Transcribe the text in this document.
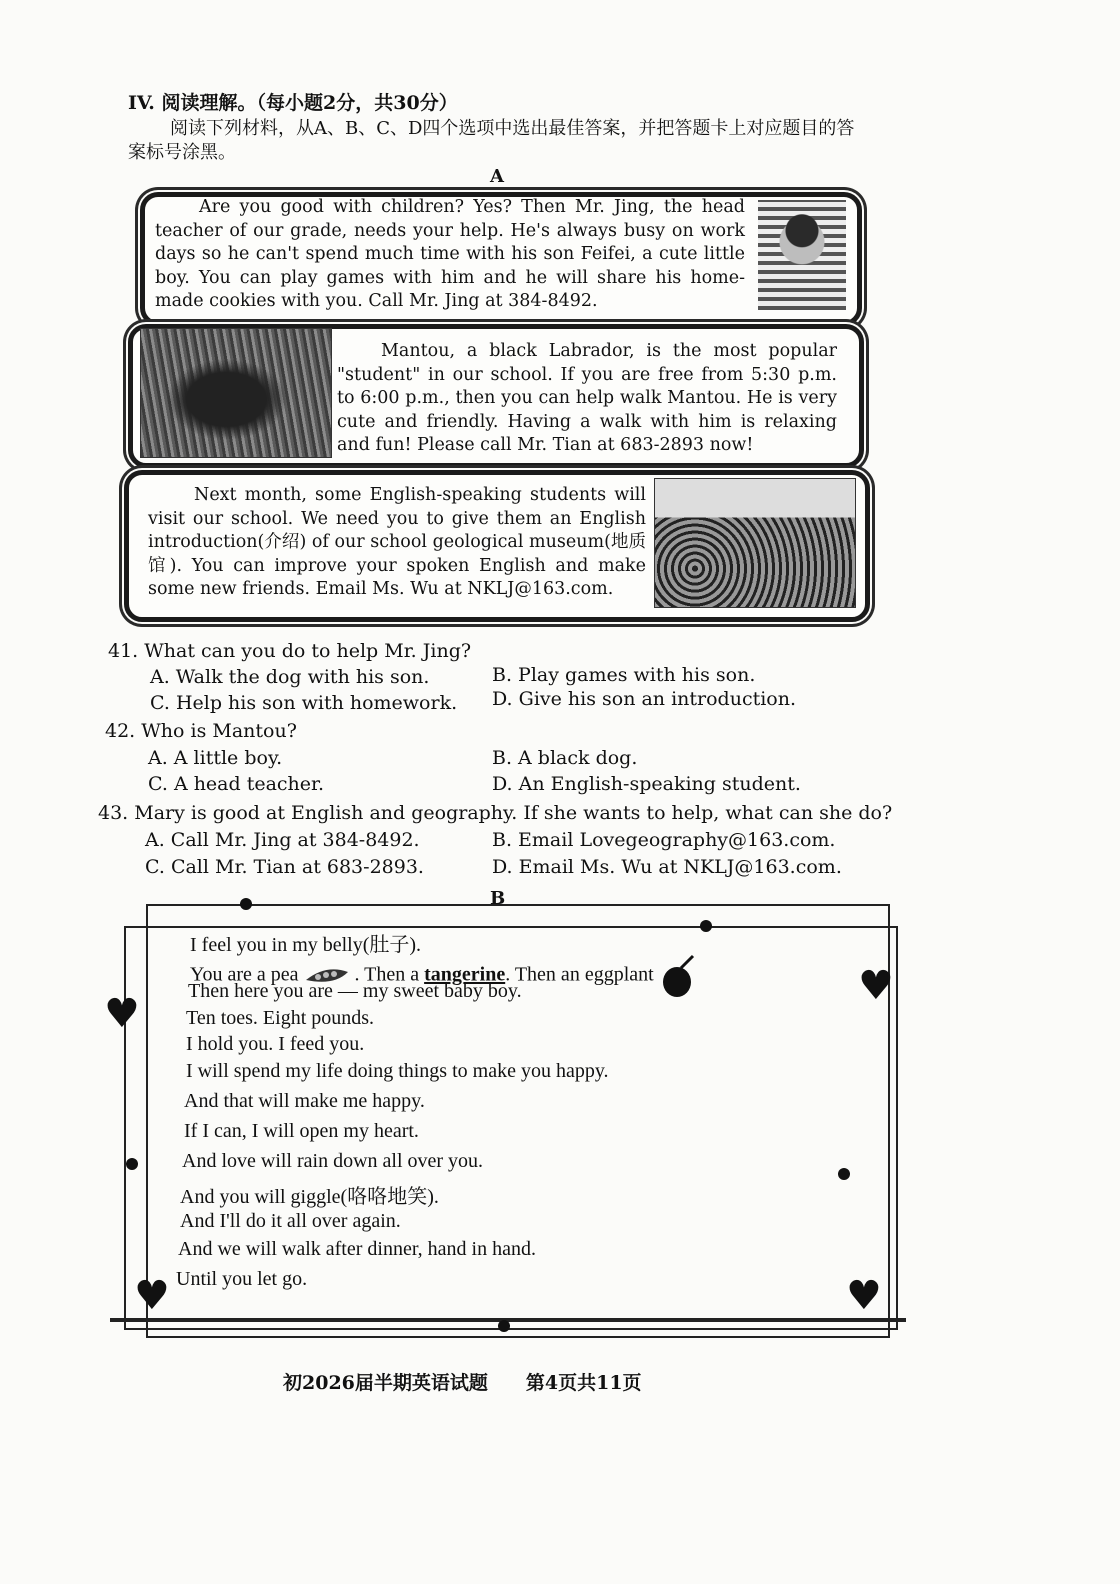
IV. 阅读理解。（每小题2分，共30分）
阅读下列材料，从A、B、C、D四个选项中选出最佳答案，并把答题卡上对应题目的答
案标号涂黑。
A
Are you good with children? Yes? Then Mr. Jing, the head teacher of our grade, needs your help. He's always busy on work days so he can't spend much time with his son Feifei, a cute little boy. You can play games with him and he will share his home-made cookies with you. Call Mr. Jing at 384-8492.
Mantou, a black Labrador, is the most popular "student" in our school. If you are free from 5:30 p.m. to 6:00 p.m., then you can help walk Mantou. He is very cute and friendly. Having a walk with him is relaxing and fun! Please call Mr. Tian at 683-2893 now!
Next month, some English-speaking students will visit our school. We need you to give them an English introduction(介绍) of our school geological museum(地质馆). You can improve your spoken English and make some new friends. Email Ms. Wu at NKLJ@163.com.
41. What can you do to help Mr. Jing?
A. Walk the dog with his son.	B. Play games with his son.
C. Help his son with homework. D. Give his son an introduction.
42. Who is Mantou?
A. A little boy.	B. A black dog.
C. A head teacher.	D. An English-speaking student.
43. Mary is good at English and geography. If she wants to help, what can she do?
A. Call Mr. Jing at 384-8492.	B. Email Lovegeography@163.com.
C. Call Mr. Tian at 683-2893.	D. Email Ms. Wu at NKLJ@163.com.
B
♥
♥
♥	♥
I feel you in my belly(肚子).
You are a pea	. Then a tangerine. Then an eggplant
Then here you are — my sweet baby boy.
Ten toes. Eight pounds.
I hold you. I feed you.
I will spend my life doing things to make you happy.
And that will make me happy.
If I can, I will open my heart.
And love will rain down all over you.
And you will giggle(咯咯地笑).
And I'll do it all over again.
And we will walk after dinner, hand in hand.
Until you let go.
初2026届半期英语试题　　第4页共11页
